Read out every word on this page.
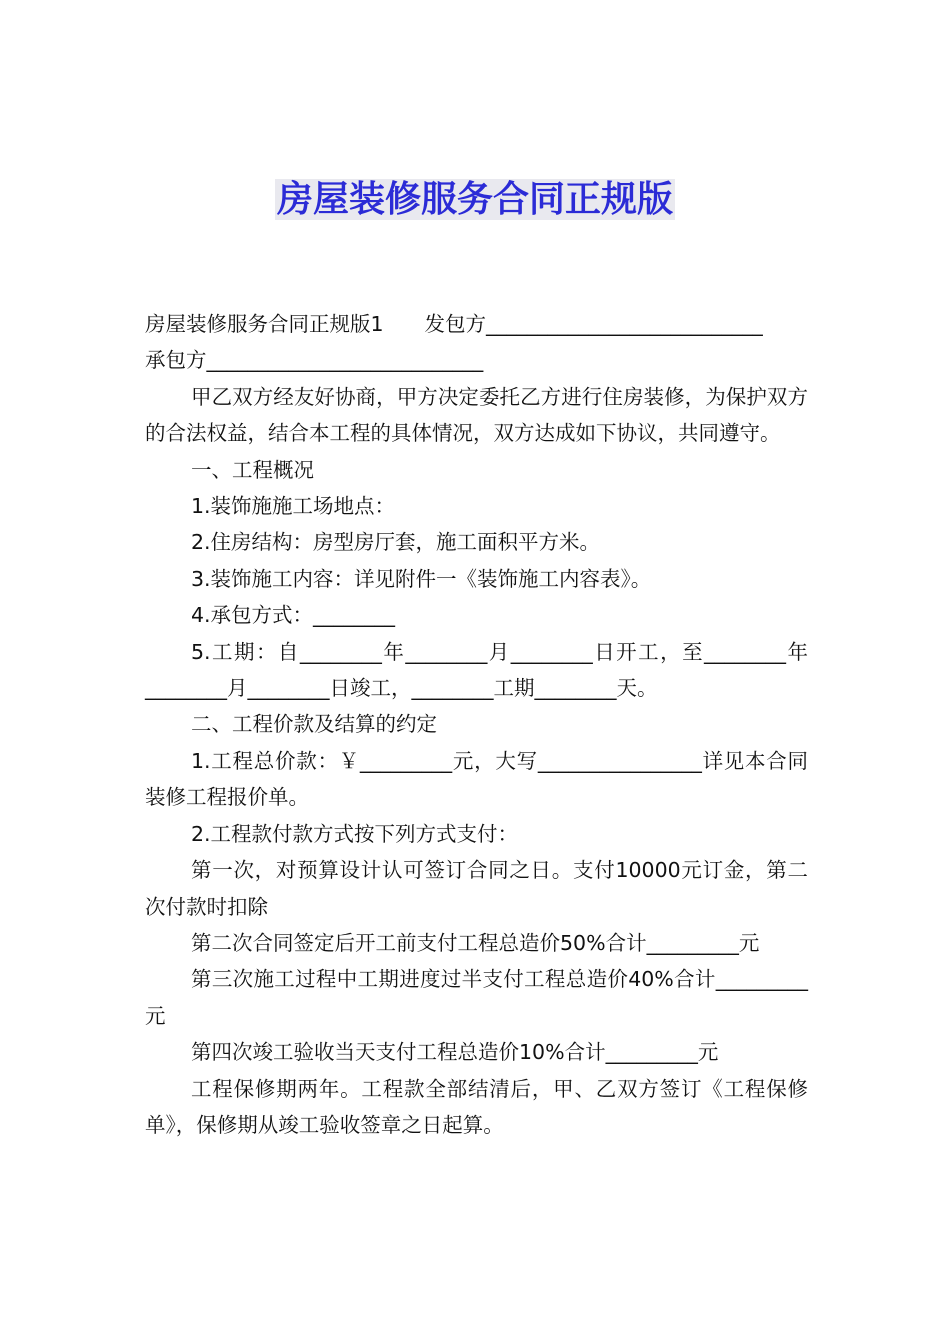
房屋装修服务合同正规版

房屋装修服务合同正规版1　　发包方___________________________

承包方___________________________

甲乙双方经友好协商，甲方决定委托乙方进行住房装修，为保护双方的合法权益，结合本工程的具体情况，双方达成如下协议，共同遵守。

一、工程概况

1.装饰施施工场地点：

2.住房结构：房型房厅套，施工面积平方米。

3.装饰施工内容：详见附件一《装饰施工内容表》。

4.承包方式：________

5.工期：自________年________月________日开工，至________年________月________日竣工，________工期________天。

二、工程价款及结算的约定

1.工程总价款：￥_________元，大写________________详见本合同装修工程报价单。

2.工程款付款方式按下列方式支付：

第一次，对预算设计认可签订合同之日。支付10000元订金，第二次付款时扣除

第二次合同签定后开工前支付工程总造价50%合计_________元

第三次施工过程中工期进度过半支付工程总造价40%合计_________元

第四次竣工验收当天支付工程总造价10%合计_________元

工程保修期两年。工程款全部结清后，甲、乙双方签订《工程保修单》，保修期从竣工验收签章之日起算。
